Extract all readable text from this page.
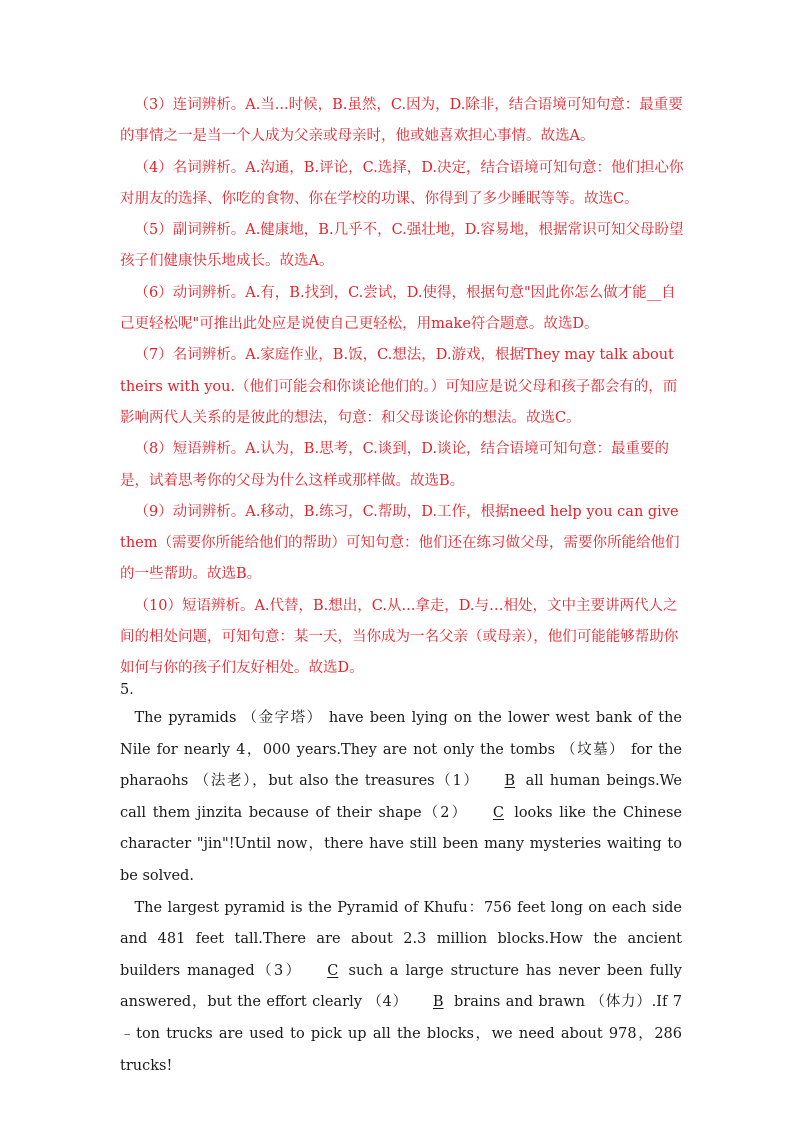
（3）连词辨析。A.当...时候，B.虽然，C.因为，D.除非，结合语境可知句意：最重要的事情之一是当一个人成为父亲或母亲时，他或她喜欢担心事情。故选A。

（4）名词辨析。A.沟通，B.评论，C.选择，D.决定，结合语境可知句意：他们担心你对朋友的选择、你吃的食物、你在学校的功课、你得到了多少睡眠等等。故选C。

（5）副词辨析。A.健康地，B.几乎不，C.强壮地，D.容易地，根据常识可知父母盼望孩子们健康快乐地成长。故选A。

（6）动词辨析。A.有，B.找到，C.尝试，D.使得，根据句意"因此你怎么做才能__自己更轻松呢"可推出此处应是说使自己更轻松，用make符合题意。故选D。

（7）名词辨析。A.家庭作业，B.饭，C.想法，D.游戏，根据They may talk about theirs with you.（他们可能会和你谈论他们的。）可知应是说父母和孩子都会有的，而影响两代人关系的是彼此的想法，句意：和父母谈论你的想法。故选C。

（8）短语辨析。A.认为，B.思考，C.谈到，D.谈论，结合语境可知句意：最重要的是，试着思考你的父母为什么这样或那样做。故选B。

（9）动词辨析。A.移动，B.练习，C.帮助，D.工作，根据need help you can give them（需要你所能给他们的帮助）可知句意：他们还在练习做父母，需要你所能给他们的一些帮助。故选B。

（10）短语辨析。A.代替，B.想出，C.从...拿走，D.与…相处，文中主要讲两代人之间的相处问题，可知句意：某一天，当你成为一名父亲（或母亲），他们可能能够帮助你如何与你的孩子们友好相处。故选D。

5．

The pyramids （金字塔） have been lying on the lower west bank of the Nile for nearly 4，000 years.They are not only the tombs （坟墓） for the pharaohs （法老），but also the treasures（1） B all human beings.We call them jinzita because of their shape（2） C looks like the Chinese character "jin"!Until now，there have still been many mysteries waiting to be solved.

The largest pyramid is the Pyramid of Khufu：756 feet long on each side and 481 feet tall.There are about 2.3 million blocks.How the ancient builders managed（3） C such a large structure has never been fully answered，but the effort clearly （4） B brains and brawn （体力）.If 7﹣ton trucks are used to pick up all the blocks，we need about 978，286 trucks!
